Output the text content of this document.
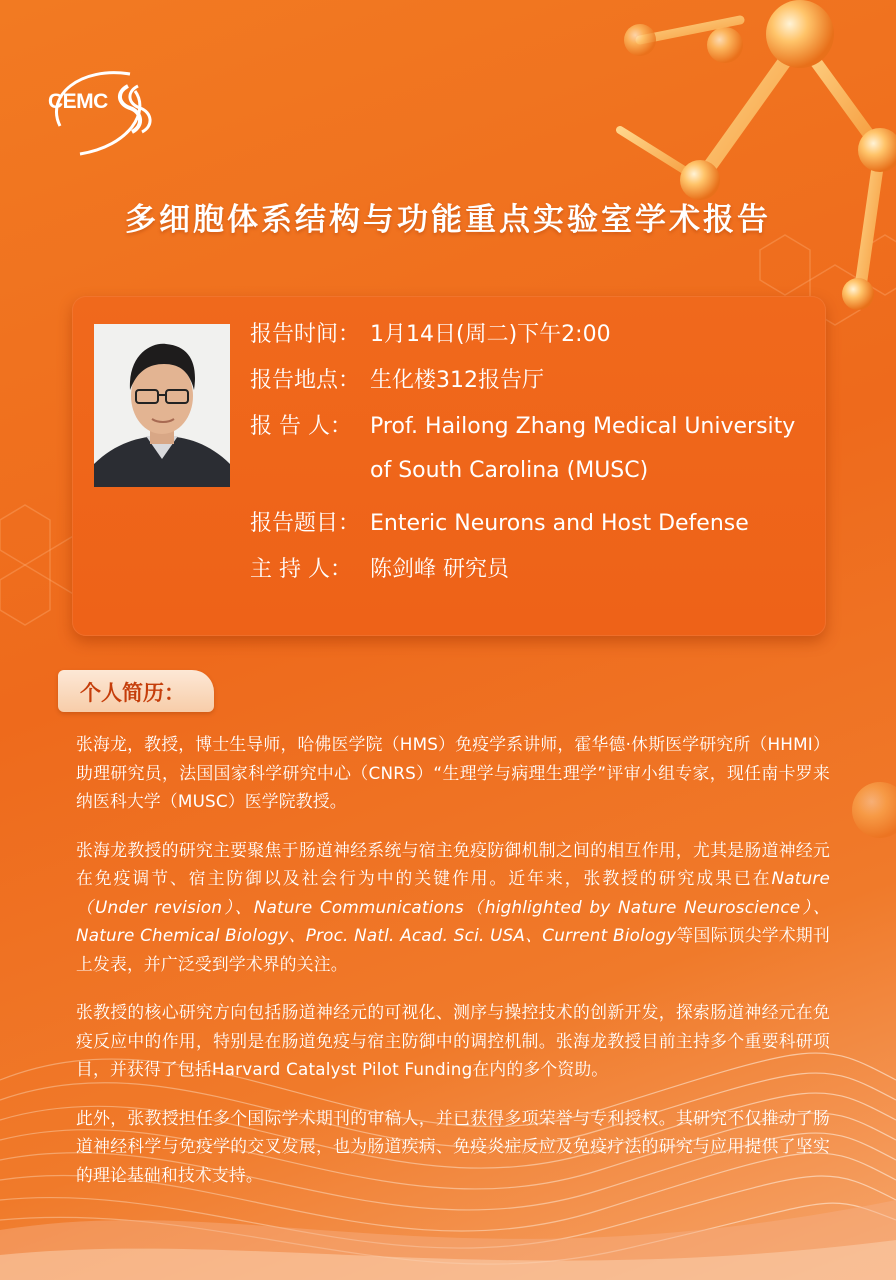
CEMC
多细胞体系结构与功能重点实验室学术报告
报告时间： 1月14日(周二)下午2:00
报告地点： 生化楼312报告厅
报 告 人： Prof. Hailong Zhang Medical University
of South Carolina (MUSC)
报告题目： Enteric Neurons and Host Defense
主 持 人： 陈剑峰 研究员
个人简历：

张海龙，教授，博士生导师，哈佛医学院（HMS）免疫学系讲师，霍华德·休斯医学研究所（HHMI）助理研究员，法国国家科学研究中心（CNRS）“生理学与病理生理学”评审小组专家，现任南卡罗来纳医科大学（MUSC）医学院教授。

张海龙教授的研究主要聚焦于肠道神经系统与宿主免疫防御机制之间的相互作用，尤其是肠道神经元在免疫调节、宿主防御以及社会行为中的关键作用。近年来，张教授的研究成果已在Nature（Under revision）、Nature Communications（highlighted by Nature Neuroscience）、Nature Chemical Biology、Proc. Natl. Acad. Sci. USA、Current Biology等国际顶尖学术期刊上发表，并广泛受到学术界的关注。

张教授的核心研究方向包括肠道神经元的可视化、测序与操控技术的创新开发，探索肠道神经元在免疫反应中的作用，特别是在肠道免疫与宿主防御中的调控机制。张海龙教授目前主持多个重要科研项目，并获得了包括Harvard Catalyst Pilot Funding在内的多个资助。

此外，张教授担任多个国际学术期刊的审稿人，并已获得多项荣誉与专利授权。其研究不仅推动了肠道神经科学与免疫学的交叉发展，也为肠道疾病、免疫炎症反应及免疫疗法的研究与应用提供了坚实的理论基础和技术支持。
